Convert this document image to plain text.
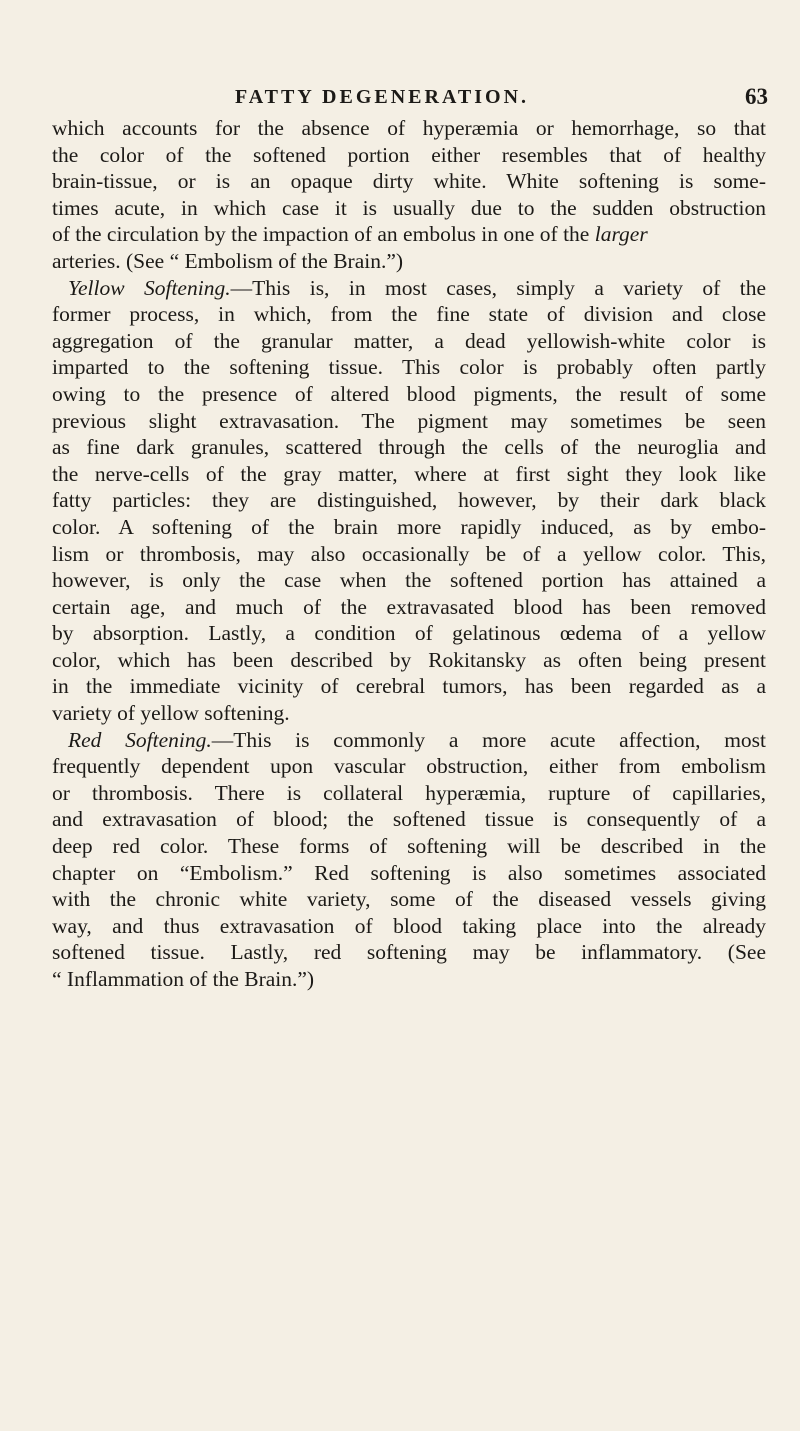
FATTY DEGENERATION.	63
which accounts for the absence of hyperæmia or hemorrhage, so that
the color of the softened portion either resembles that of healthy
brain-tissue, or is an opaque dirty white. White softening is some-
times acute, in which case it is usually due to the sudden obstruction
of the circulation by the impaction of an embolus in one of the larger
arteries. (See “ Embolism of the Brain.”)
Yellow Softening.—This is, in most cases, simply a variety of the
former process, in which, from the fine state of division and close
aggregation of the granular matter, a dead yellowish-white color is
imparted to the softening tissue. This color is probably often partly
owing to the presence of altered blood pigments, the result of some
previous slight extravasation. The pigment may sometimes be seen
as fine dark granules, scattered through the cells of the neuroglia and
the nerve-cells of the gray matter, where at first sight they look like
fatty particles: they are distinguished, however, by their dark black
color. A softening of the brain more rapidly induced, as by embo-
lism or thrombosis, may also occasionally be of a yellow color. This,
however, is only the case when the softened portion has attained a
certain age, and much of the extravasated blood has been removed
by absorption. Lastly, a condition of gelatinous œdema of a yellow
color, which has been described by Rokitansky as often being present
in the immediate vicinity of cerebral tumors, has been regarded as a
variety of yellow softening.
Red Softening.—This is commonly a more acute affection, most
frequently dependent upon vascular obstruction, either from embolism
or thrombosis. There is collateral hyperæmia, rupture of capillaries,
and extravasation of blood; the softened tissue is consequently of a
deep red color. These forms of softening will be described in the
chapter on “Embolism.” Red softening is also sometimes associated
with the chronic white variety, some of the diseased vessels giving
way, and thus extravasation of blood taking place into the already
softened tissue. Lastly, red softening may be inflammatory. (See
“ Inflammation of the Brain.”)
